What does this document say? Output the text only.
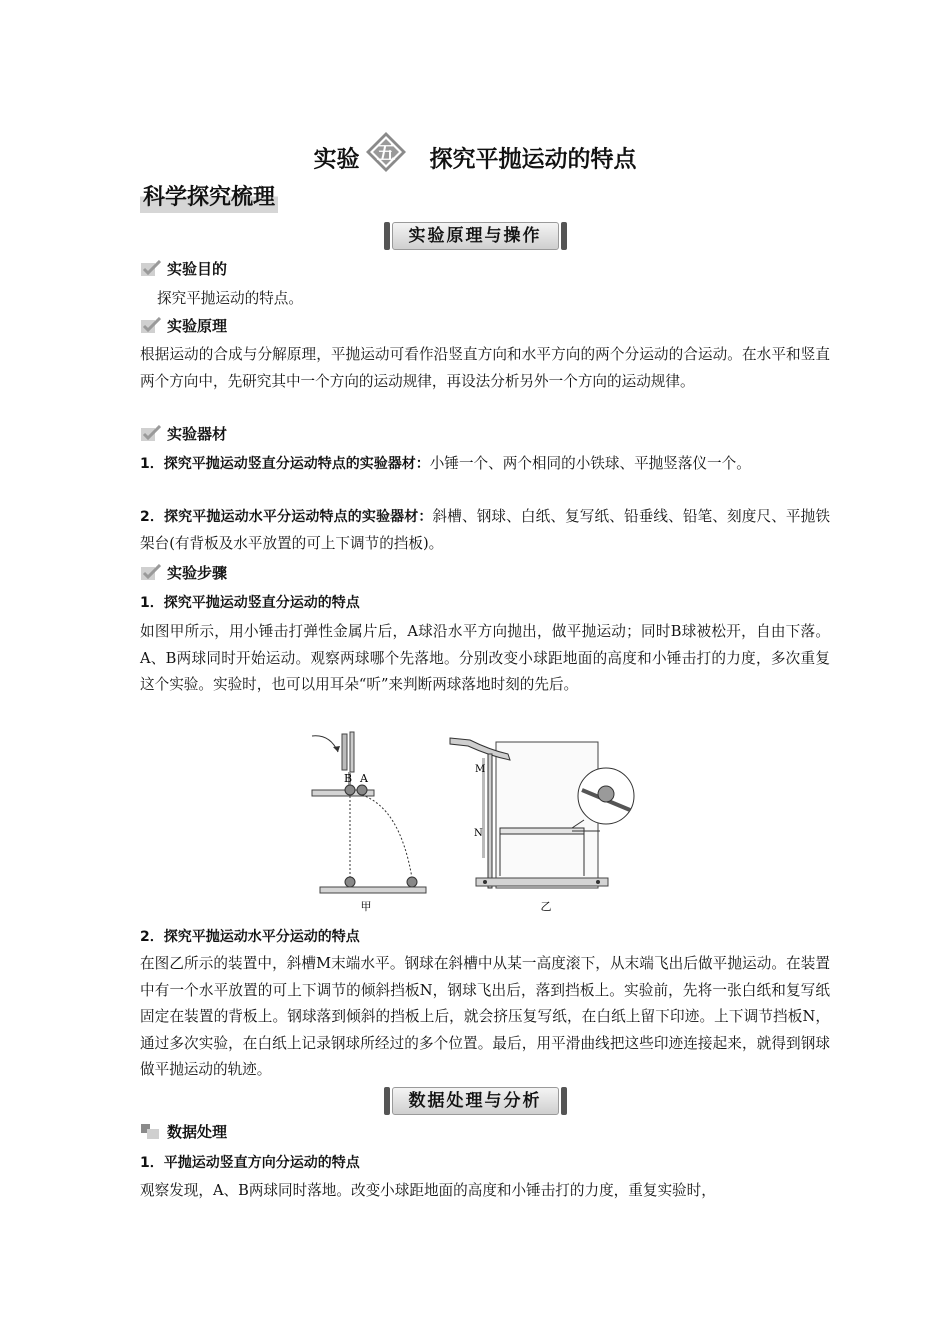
实验 五 探究平抛运动的特点
科学探究梳理
实验原理与操作
实验目的
探究平抛运动的特点。
实验原理
根据运动的合成与分解原理，平抛运动可看作沿竖直方向和水平方向的两个分运动的合运动。在水平和竖直两个方向中，先研究其中一个方向的运动规律，再设法分析另外一个方向的运动规律。
实验器材
1．探究平抛运动竖直分运动特点的实验器材：小锤一个、两个相同的小铁球、平抛竖落仪一个。
2．探究平抛运动水平分运动特点的实验器材：斜槽、钢球、白纸、复写纸、铅垂线、铅笔、刻度尺、平抛铁架台(有背板及水平放置的可上下调节的挡板)。
实验步骤
1．探究平抛运动竖直分运动的特点
如图甲所示，用小锤击打弹性金属片后，A球沿水平方向抛出，做平抛运动；同时B球被松开，自由下落。A、B两球同时开始运动。观察两球哪个先落地。分别改变小球距地面的高度和小锤击打的力度，多次重复这个实验。实验时，也可以用耳朵“听”来判断两球落地时刻的先后。
B A
甲
M
N
乙
2．探究平抛运动水平分运动的特点
在图乙所示的装置中，斜槽M末端水平。钢球在斜槽中从某一高度滚下，从末端飞出后做平抛运动。在装置中有一个水平放置的可上下调节的倾斜挡板N，钢球飞出后，落到挡板上。实验前，先将一张白纸和复写纸固定在装置的背板上。钢球落到倾斜的挡板上后，就会挤压复写纸，在白纸上留下印迹。上下调节挡板N，通过多次实验，在白纸上记录钢球所经过的多个位置。最后，用平滑曲线把这些印迹连接起来，就得到钢球做平抛运动的轨迹。
数据处理与分析
数据处理
1．平抛运动竖直方向分运动的特点
观察发现，A、B两球同时落地。改变小球距地面的高度和小锤击打的力度，重复实验时，
